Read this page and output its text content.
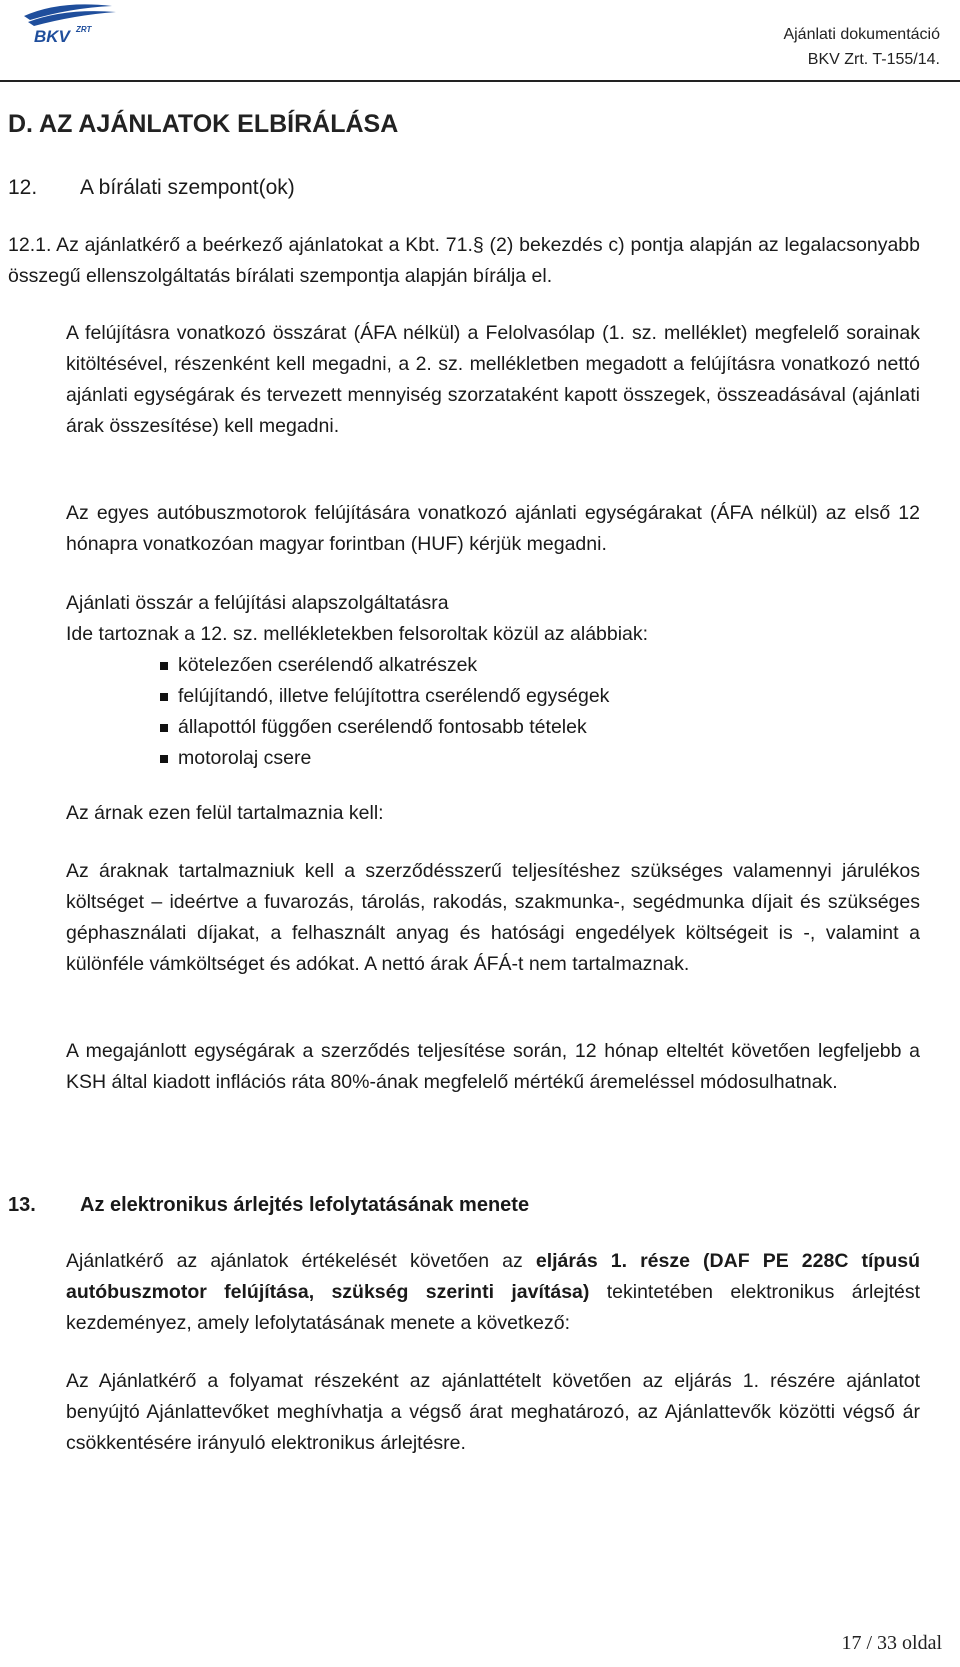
BKV ZRT	Ajánlati dokumentáció
BKV Zrt. T-155/14.
D. AZ AJÁNLATOK ELBÍRÁLÁSA
12. A bírálati szempont(ok)

12.1. Az ajánlatkérő a beérkező ajánlatokat a Kbt. 71.§ (2) bekezdés c) pontja alapján az legalacsonyabb összegű ellenszolgáltatás bírálati szempontja alapján bírálja el.

A felújításra vonatkozó összárat (ÁFA nélkül) a Felolvasólap (1. sz. melléklet) megfelelő sorainak kitöltésével, részenként kell megadni, a 2. sz. mellékletben megadott a felújításra vonatkozó nettó ajánlati egységárak és tervezett mennyiség szorzataként kapott összegek, összeadásával (ajánlati árak összesítése) kell megadni.

Az egyes autóbuszmotorok felújítására vonatkozó ajánlati egységárakat (ÁFA nélkül) az első 12 hónapra vonatkozóan magyar forintban (HUF) kérjük megadni.

Ajánlati összár a felújítási alapszolgáltatásra
Ide tartoznak a 12. sz. mellékletekben felsoroltak közül az alábbiak:

kötelezően cserélendő alkatrészek
felújítandó, illetve felújítottra cserélendő egységek
állapottól függően cserélendő fontosabb tételek
motorolaj csere

Az árnak ezen felül tartalmaznia kell:

Az áraknak tartalmazniuk kell a szerződésszerű teljesítéshez szükséges valamennyi járulékos költséget – ideértve a fuvarozás, tárolás, rakodás, szakmunka-, segédmunka díjait és szükséges géphasználati díjakat, a felhasznált anyag és hatósági engedélyek költségeit is -, valamint a különféle vámköltséget és adókat. A nettó árak ÁFÁ-t nem tartalmaznak.

A megajánlott egységárak a szerződés teljesítése során, 12 hónap elteltét követően legfeljebb a KSH által kiadott inflációs ráta 80%-ának megfelelő mértékű áremeléssel módosulhatnak.

13. Az elektronikus árlejtés lefolytatásának menete

Ajánlatkérő az ajánlatok értékelését követően az eljárás 1. része (DAF PE 228C típusú autóbuszmotor felújítása, szükség szerinti javítása) tekintetében elektronikus árlejtést kezdeményez, amely lefolytatásának menete a következő:

Az Ajánlatkérő a folyamat részeként az ajánlattételt követően az eljárás 1. részére ajánlatot benyújtó Ajánlattevőket meghívhatja a végső árat meghatározó, az Ajánlattevők közötti végső ár csökkentésére irányuló elektronikus árlejtésre.

17 / 33 oldal
